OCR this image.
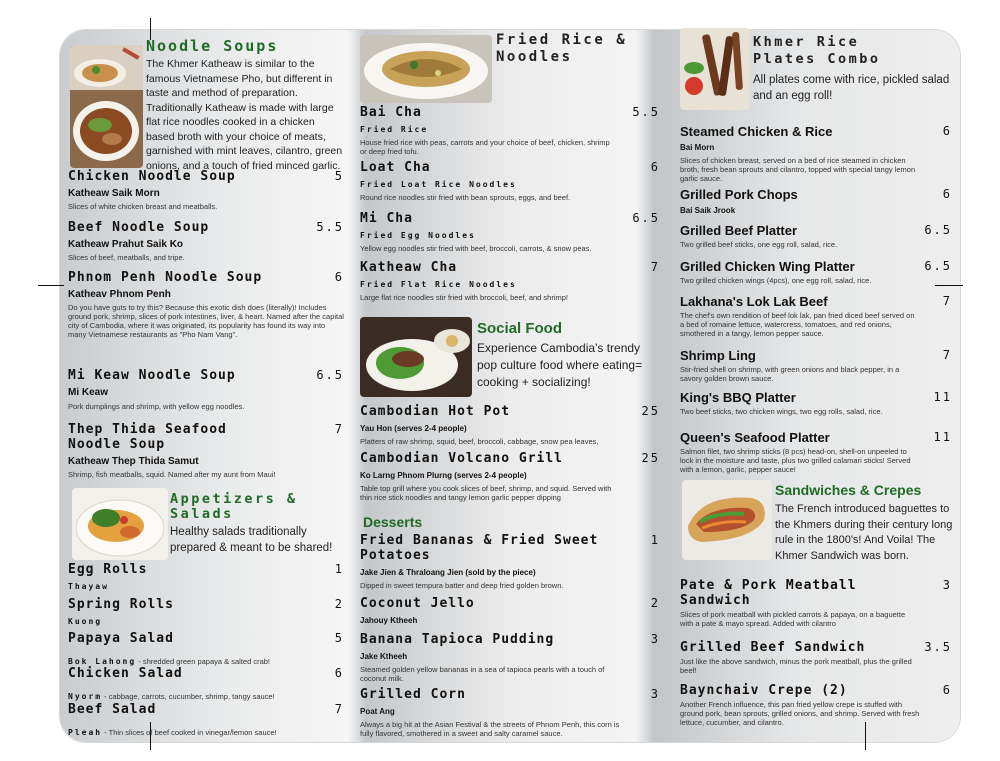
Noodle Soups
The Khmer Katheaw is similar to the famous Vietnamese Pho, but different in taste and method of preparation. Traditionally Katheaw is made with large flat rice noodles cooked in a chicken based broth with your choice of meats, garnished with mint leaves, cilantro, green onions, and a touch of fried minced garlic.
Chicken Noodle Soup	5
Katheaw Saik Morn
Slices of white chicken breast and meatballs.
Beef Noodle Soup	5.5
Katheaw Prahut Saik Ko
Slices of beef, meatballs, and tripe.
Phnom Penh Noodle Soup	6
Katheav Phnom Penh
Do you have guts to try this? Because this exotic dish does (literally)! Includes ground pork, shrimp, slices of pork intestines, liver, & heart. Named after the capital city of Cambodia, where it was originated, its popularity has found its way into many Vietnamese restaurants as "Pho Nam Vang".
Mi Keaw Noodle Soup	6.5
Mi Keaw
Pork dumplings and shrimp, with yellow egg noodles.
Thep Thida Seafood Noodle Soup
7
Katheaw Thep Thida Samut
Shrimp, fish meatballs, squid. Named after my aunt from Maui!
Appetizers & Salads
Healthy salads traditionally prepared & meant to be shared!
Egg Rolls	1
Thayaw
Spring Rolls	2
Kuong
Papaya Salad	5
Bok Lahong - shredded green papaya & salted crab!
Chicken Salad	6
Nyorm - cabbage, carrots, cucumber, shrimp, tangy sauce!
Beef Salad	7
Pleah - Thin slices of beef cooked in vinegar/lemon sauce!
Fried Rice & Noodles
Bai Cha	5.5
Fried Rice
House fried rice with peas, carrots and your choice of beef, chicken, shrimp or deep fried tofu.
Loat Cha	6
Fried Loat Rice Noodles
Round rice noodles stir fried with bean sprouts, eggs, and beef.
Mi Cha	6.5
Fried Egg Noodles
Yellow egg noodles stir fried with beef, broccoli, carrots, & snow peas.
Katheaw Cha	7
Fried Flat Rice Noodles
Large flat rice noodles stir fried with broccoli, beef, and shrimp!
Social Food
Experience Cambodia's trendy pop culture food where eating= cooking + socializing!
Cambodian Hot Pot	25
Yau Hon (serves 2-4 people)
Platters of raw shrimp, squid, beef, broccoli, cabbage, snow pea leaves,
Cambodian Volcano Grill	25
Ko Larng Phnom Plurng (serves 2-4 people)
Table top grill where you cook slices of beef, shrimp, and squid. Served with thin rice stick noodles and tangy lemon garlic pepper dipping
Desserts
Fried Bananas & Fried Sweet Potatoes
1
Jake Jien & Thraloang Jien (sold by the piece)
Dipped in sweet tempura batter and deep fried golden brown.
Coconut Jello	2
Jahouy Ktheeh
Banana Tapioca Pudding	3
Jake Ktheeh
Steamed golden yellow bananas in a sea of tapioca pearls with a touch of coconut milk.
Grilled Corn	3
Poat Ang
Always a big hit at the Asian Festival & the streets of Phnom Penh, this corn is fully flavored, smothered in a sweet and salty caramel sauce.
Khmer Rice Plates Combo
All plates come with rice, pickled salad and an egg roll!
Steamed Chicken & Rice	6
Bai Morn
Slices of chicken breast, served on a bed of rice steamed in chicken broth, fresh bean sprouts and cilantro, topped with special tangy lemon garlic sauce.
Grilled Pork Chops	6
Bai Saik Jrook
Grilled Beef Platter	6.5
Two grilled beef sticks, one egg roll, salad, rice.
Grilled Chicken Wing Platter	6.5
Two grilled chicken wings (4pcs), one egg roll, salad, rice.
Lakhana's Lok Lak Beef	7
The chef's own rendition of beef lok lak, pan fried diced beef served on a bed of romaine lettuce, watercress, tomatoes, and red onions, smothered in a tangy, lemon pepper sauce.
Shrimp Ling	7
Stir-fried shell on shrimp, with green onions and black pepper, in a savory golden brown sauce.
King's BBQ Platter	11
Two beef sticks, two chicken wings, two egg rolls, salad, rice.
Queen's Seafood Platter	11
Salmon filet, two shrimp sticks (8 pcs) head-on, shell-on unpeeled to lock in the moisture and taste, plus two grilled calamari sticks! Served with a lemon, garlic, pepper sauce!
Sandwiches & Crepes
The French introduced baguettes to the Khmers during their century long rule in the 1800's! And Voila! The Khmer Sandwich was born.
Pate & Pork Meatball Sandwich
3
Slices of pork meatball with pickled carrots & papaya, on a baguette with a pate & mayo spread. Added with cilantro
Grilled Beef Sandwich	3.5
Just like the above sandwich, minus the pork meatball, plus the grilled beef!
Baynchaiv Crepe (2)	6
Another French influence, this pan fried yellow crepe is stuffed with ground pork, bean sprouts, grilled onions, and shrimp. Served with fresh lettuce, cucumber, and cilantro.
